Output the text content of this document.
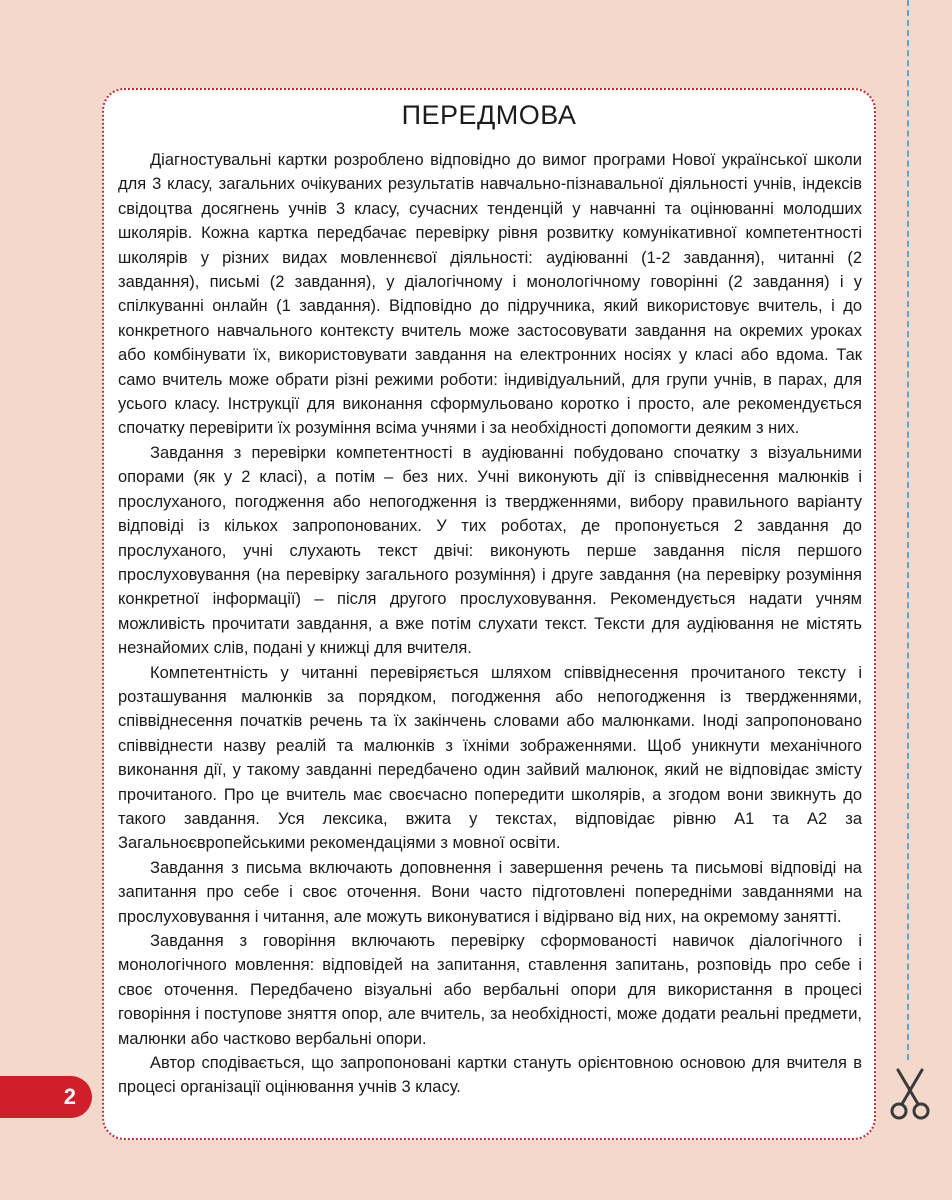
ПЕРЕДМОВА

Діагностувальні картки розроблено відповідно до вимог програми Нової української школи для 3 класу, загальних очікуваних результатів навчально-пізнавальної діяльності учнів, індексів свідоцтва досягнень учнів 3 класу, сучасних тенденцій у навчанні та оцінюванні молодших школярів. Кожна картка передбачає перевірку рівня розвитку комунікативної компетентності школярів у різних видах мовленнєвої діяльності: аудіюванні (1-2 завдання), читанні (2 завдання), письмі (2 завдання), у діалогічному і монологічному говорінні (2 завдання) і у спілкуванні онлайн (1 завдання). Відповідно до підручника, який використовує вчитель, і до конкретного навчального контексту вчитель може застосовувати завдання на окремих уроках або комбінувати їх, використовувати завдання на електронних носіях у класі або вдома. Так само вчитель може обрати різні режими роботи: індивідуальний, для групи учнів, в парах, для усього класу. Інструкції для виконання сформульовано коротко і просто, але рекомендується спочатку перевірити їх розуміння всіма учнями і за необхідності допомогти деяким з них.

Завдання з перевірки компетентності в аудіюванні побудовано спочатку з візуальними опорами (як у 2 класі), а потім – без них. Учні виконують дії із співвіднесення малюнків і прослуханого, погодження або непогодження із твердженнями, вибору правильного варіанту відповіді із кількох запропонованих. У тих роботах, де пропонується 2 завдання до прослуханого, учні слухають текст двічі: виконують перше завдання після першого прослуховування (на перевірку загального розуміння) і друге завдання (на перевірку розуміння конкретної інформації) – після другого прослуховування. Рекомендується надати учням можливість прочитати завдання, а вже потім слухати текст. Тексти для аудіювання не містять незнайомих слів, подані у книжці для вчителя.

Компетентність у читанні перевіряється шляхом співвіднесення прочитаного тексту і розташування малюнків за порядком, погодження або непогодження із твердженнями, співвіднесення початків речень та їх закінчень словами або малюнками. Іноді запропоновано співвіднести назву реалій та малюнків з їхніми зображеннями. Щоб уникнути механічного виконання дії, у такому завданні передбачено один зайвий малюнок, який не відповідає змісту прочитаного. Про це вчитель має своєчасно попередити школярів, а згодом вони звикнуть до такого завдання. Уся лексика, вжита у текстах, відповідає рівню А1 та А2 за Загальноєвропейськими рекомендаціями з мовної освіти.

Завдання з письма включають доповнення і завершення речень та письмові відповіді на запитання про себе і своє оточення. Вони часто підготовлені попередніми завданнями на прослуховування і читання, але можуть виконуватися і відірвано від них, на окремому занятті.

Завдання з говоріння включають перевірку сформованості навичок діалогічного і монологічного мовлення: відповідей на запитання, ставлення запитань, розповідь про себе і своє оточення. Передбачено візуальні або вербальні опори для використання в процесі говоріння і поступове зняття опор, але вчитель, за необхідності, може додати реальні предмети, малюнки або частково вербальні опори.

Автор сподівається, що запропоновані картки стануть орієнтовною основою для вчителя в процесі організації оцінювання учнів 3 класу.

2
